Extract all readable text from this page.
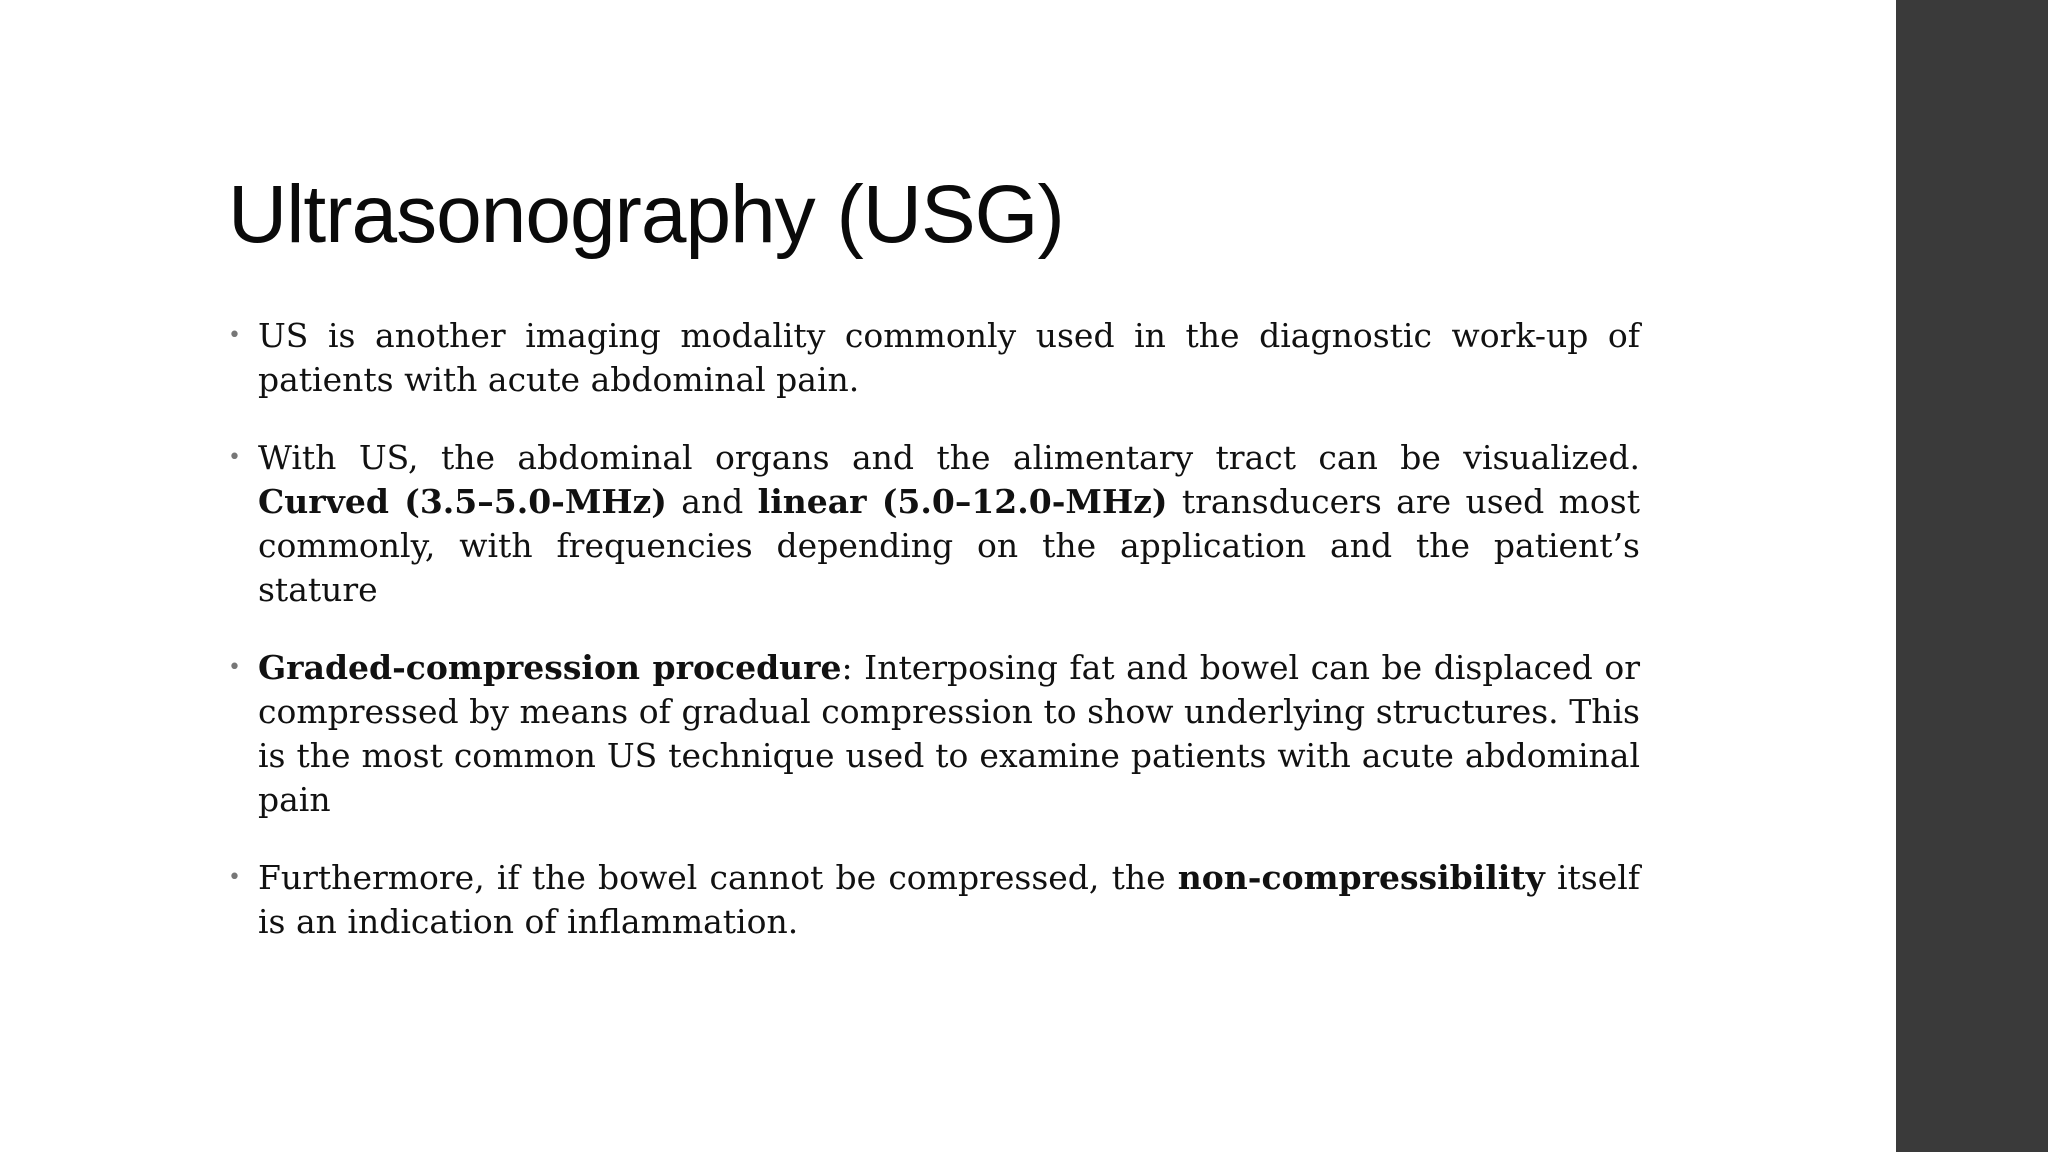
Ultrasonography (USG)
• US is another imaging modality commonly used in the diagnostic work-up of patients with acute abdominal pain.
• With US, the abdominal organs and the alimentary tract can be visualized. Curved (3.5–5.0-MHz) and linear (5.0–12.0-MHz) transducers are used most commonly, with frequencies depending on the application and the patient’s stature
• Graded-compression procedure: Interposing fat and bowel can be displaced or compressed by means of gradual compression to show underlying structures. This is the most common US technique used to examine patients with acute abdominal pain
• Furthermore, if the bowel cannot be compressed, the non-compressibility itself is an indication of inflammation.
